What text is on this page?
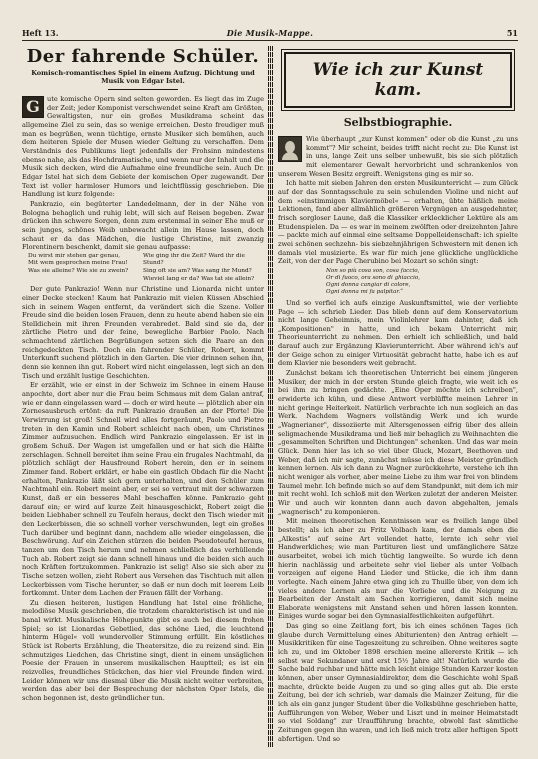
Heft 13.	Die Musik-Mappe.	51
Der fahrende Schüler.
Komisch-romantisches Spiel in einem Aufzug. Dichtung und
Musik von Edgar Istel.
G	ute komische Opern sind selten geworden. Es liegt das im Zuge der Zeit; jeder Komponist verschwendet seine Kraft am Größten, Gewaltigsten, nur ein großes Musikdrama scheint das allgemeine Ziel zu sein, das so wenige erreichen. Desto freudiger muß man es begrüßen, wenn tüchtige, ernste Musiker sich bemühen, auch dem heiteren Spiele der Musen wieder Geltung zu verschaffen. Dem Verständnis des Publikums liegt jedenfalls der Frohsinn mindestens ebenso nahe, als das Hochdramatische, und wenn nur der Inhalt und die Musik sich decken, wird die Aufnahme eine freundliche sein. Auch Dr. Edgar Istel hat sich dem Gebiete der komischen Oper zugewandt. Der Text ist voller harmloser Humors und leichtflüssig geschrieben. Die Handlung ist kurz folgende:

Pankrazio, ein begüterter Landedelmann, der in der Nähe von Bologna behaglich und ruhig lebt, will sich auf Reisen begeben. Zwar drücken ihn schwere Sorgen, denn zum erstenmal in seiner Ehe muß er sein junges, schönes Weib unbewacht allein im Hause lassen, doch schaut er da das Mädchen, die lustige Christine, mit zwanzig Florentinern beschenkt, damit sie genau aufpasse:

Du wirst mir stehen gar genau,
Mit wem gesprochen meine Frau!
Was sie alleine? Wie sie zu zwein?
Wie ging ihr die Zeit? Ward ihr die Stund?
Sing oft sie am? Was sang ihr Mund?
Wieviel lang er da? Was tat sie allein?

Der gute Pankrazio! Wenn nur Christine und Lionarda nicht unter einer Decke stecken! Kaum hat Pankrazio mit vielen Küssen Abschied sich in seinem Wagen entfernt, da verändert sich die Szene. Voller Freude sind die beiden losen Frauen, denn zu heute abend haben sie ein Stelldichein mit ihren Freunden verabredet. Bald sind sie da, der zärtliche Pietro und der feine, bewegliche Barbier Paolo. Nach schmachtend zärtlichen Begrüßungen setzen sich die Paare an den reichgedeckten Tisch. Doch ein fahrender Schüler, Robert, kommt Unterkunft suchend plötzlich in den Garten. Die vier drinnen sehen ihn, denn sie kennen ihn gut. Robert wird nicht eingelassen, legt sich an den Tisch und erzählt lustige Geschichten.

Er erzählt, wie er einst in der Schweiz im Schnee in einem Hause anpochte, dort aber nur die Frau beim Schmaus mit dem Galan antraf, wie er dann eingelassen ward — doch er wird heute — plötzlich aber ein Zornesausbruch ertönt: da ruft Pankrazio draußen an der Pforte! Die Verwirrung ist groß! Schnell wird alles fortgeräumt, Paolo und Pietro treten in den Kamin und Robert schleicht nach oben, um Christines Zimmer aufzusuchen. Endlich wird Pankrazio eingelassen. Er ist in großem Schuß. Der Wagen ist umgefallen und er hat sich die Hälfte zerschlagen. Schnell bereitet ihm seine Frau ein frugales Nachtmahl, da plötzlich schlägt der Hausfreund Robert herein, den er in seinem Zimmer fand. Robert erklärt, er habe ein gastlich Obdach für die Nacht erhalten, Pankrazio läßt sich gern unterhalten, und den Schüler zum Nachtmahl ein. Robert meint aber, er sei so vertraut mit der schwarzen Kunst, daß er ein besseres Mahl beschaffen könne. Pankrazio geht darauf ein; er wird auf kurze Zeit hinausgeschickt, Robert zeigt die beiden Liebhaber schnell zu Teufeln heraus, deckt den Tisch wieder mit den Leckerbissen, die so schnell vorher verschwunden, legt ein großes Tuch darüber und beginnt dann, nachdem alle wieder eingelassen, die Beschwörung. Auf ein Zeichen stürzen die beiden Pseudoteufel heraus, tanzen um den Tisch herum und nehmen schließlich das verhüllende Tuch ab. Robert zeigt sie dann schnell hinaus und die beiden sich auch noch Kräften fortzukommen. Pankrazio ist selig! Also sie sich aber zu Tische setzen wollen, zieht Robert aus Versehen das Tischtuch mit allen Leckerbissen vom Tische herunter, so daß er nun doch mit leerem Leib fortkommt. Unter dem Lachen der Frauen fällt der Vorhang.

Zu diesen heiteren, lustigen Handlung hat Istel eine fröhliche, melodiöse Musik geschrieben, die trotzdem charakteristisch ist und nie banal wirkt. Musikalische Höhepunkte gibt es auch bei diesem frohen Spiel; so ist Lionardas Gebetlied, das schöne Lied, die leuchtend hinterm Hügel« voll wundervoller Stimmung erfüllt. Ein köstliches Stück ist Roberts Erzählung, die Theatersitze, die zu reizend sind. Ein schmutziges Liedchen, das Christine singt, dient in einem unsäglichen Poesie der Frauen in unserem musikalischen Hauptteil; es ist ein reizvolles, freundliches Stückchen, das hier viel Freunde finden wird. Leider können wir uns diesmal über die Musik nicht weiter verbreiten, werden das aber bei der Besprechung der nächsten Oper Istels, die schon begonnen ist, desto gründlicher tun.

Wie ich zur Kunst kam.
Selbstbiographie.

Wie überhaupt „zur Kunst kommen" oder ob die Kunst „zu uns kommt"? Mir scheint, beides trifft nicht recht zu: Die Kunst ist in uns, lange Zeit uns selber unbewußt, bis sie sich plötzlich mit elementarer Gewalt hervorbricht und schrankenlos von unserem Wesen Besitz ergreift. Wenigstens ging es mir so.

Ich hatte mit sieben Jahren den ersten Musikunterricht — zum Glück auf der das Sonntagsschule zu sein schulenden Violine und nicht auf dem »einstimmigen Klaviermöbel« — erhalten, übte häßlich meine Lektionen, fand aber allmählich größeren Vergnügen an ausgedehnter, frisch sorgloser Laune, daß die Klassiker erklecklicher Lektüre als am Etudenspielen. Da — es war in meinem zwölften oder dreizehnten Jahre — packte mich auf einmal eine seltsame Doppelleidenschaft: ich spielte zwei schönen sechzehn- bis siebzehnjährigen Schwestern mit denen ich damals viel musizierte. Es war für mich jene glückliche unglückliche Zeit, von der der Page Cherubino bei Mozart so schön singt:

Non so più cosa son, cosa faccio,
Or di fuoco, ora sono di ghiaccio,
Ogni donna cangiar di colore,
Ogni donna mi fa palpitar.“

Und so verfiel ich aufs einzige Auskunftsmittel, wie der verliebte Page — ich schrieb Lieder. Das blieb denn auf dem Konservatorium nicht lange Geheimnis, mein Violinlehrer kam dahinter, daß ich „Kompositionen" in hatte, und ich bekam Unterricht mir, Theorieunterricht zu nehmen. Den erhielt ich schließlich, und bald darauf auch zur Ergänzung Klavierunterricht. Aber während ich's auf der Geige schon zu einiger Virtuosität gebracht hatte, habe ich es auf dem Klavier nie besonders weit gebracht.

Zunächst bekam ich theoretischen Unterricht bei einem jüngeren Musiker, der mich in der ersten Stunde gleich fragte, wie weit ich es bei ihm zu bringen gedächte. „Eine Oper möchte ich schreiben", erwiderte ich kühn, und diese Antwort verblüffte meinen Lehrer in nicht geringe Heiterkeit. Natürlich verbrachte ich nun sogleich an das Werk. Nachdem Wagners vollständig Werk und ich wurde „Wagnerianer", dissoziierte mit Altersgenossen eifrig über des allein seligmachende Musikdrama und ließ mir behaglich zu Weihnachten die „gesammelten Schriften und Dichtungen" schenken. Und das war mein Glück. Denn hier las ich so viel über Gluck, Mozart, Beethoven und Weber, daß ich mir sagte, zunächst müsse ich diese Meister gründlich kennen lernen. Als ich dann zu Wagner zurückkehrte, verstehe ich ihn nicht weniger als vorher, aber meine Liebe zu ihm war frei von blindem Taumel mehr. Ich befinde mich so auf dem Standpunkt, mit dem ich mir mit recht wohl. Ich schloß mit den Werken zuletzt der anderen Meister. Wir und auch wir konnten dann auch davon abgehalten, jemals „wagnerisch" zu komponieren.

Mit meinen theoretischen Kenntnissen war es freilich lange übel bestellt; als ich aber zu Fritz Volbach kam, der damals eben die „Alkestis" auf seine Art vollendet hatte, lernte ich sehr viel Handwerkliches; wie man Partituren liest und umfänglichere Sätze ausarbeitet, wobei ich mich tüchtig langweilte. So wurde ich denn hierin nachlässig und arbeitete sehr viel lieber als unter Volbach vorzeigen auf eigene Hand Lieder und Stücke, die ich ihm dann vorlegte. Nach einem Jahre etwa ging ich zu Thuille über, von dem ich vieles andere Lernen als nur die Vorliebe und die Neigung zu Bearbeiten der Anstalt am Sachen korrigieren, damit sich meine Elaborate wenigstens mit Anstand sehen und hören lassen konnten. Einiges wurde sogar bei den Gymnasialfestlichkeiten aufgeführt.

Das ging so eine Zeitlang fort, bis ich eines schönen Tages (ich glaube durch Vermittelung eines Abiturienten) den Antrag erhielt — Musikkritiken für eine Tageszeitung zu schreiben. Ohne weiteres sagte ich zu, und im Oktober 1898 erschien meine allererste Kritik — ich selbst war Sekundaner und erst 15½ Jahre alt! Natürlich wurde die Sache bald ruchbar und hätte mich leicht einige Stunden Karzer kosten können, aber unser Gymnasialdirektor, dem die Geschichte wohl Spaß machte, drückte beide Augen zu und so ging alles gut ab. Die erste Zeitung, bei der ich schrieb, war damals die Mainzer Zeitung, für die ich als ein ganz junger Student über die Volksbühne geschrieben hatte, Aufführungen von Weber, Weber und Liszt und in meiner Heimatstadt so viel Soldang" zur Uraufführung brachte, obwohl fast sämtliche Zeitungen gegen ihn waren, und ich ließ mich trotz aller heftigen Spott abfertigen. Und so
